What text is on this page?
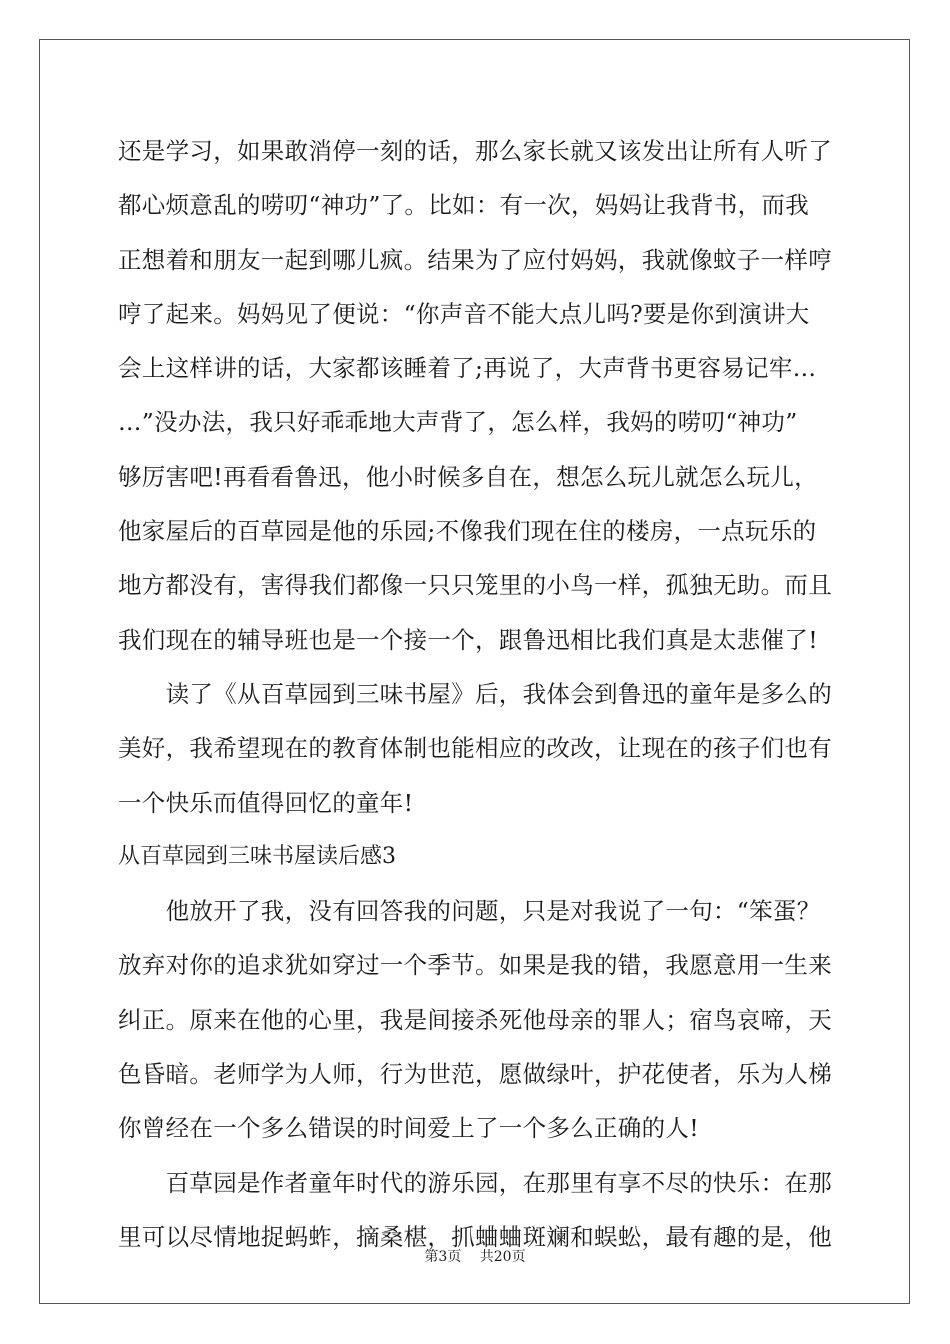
还是学习，如果敢消停一刻的话，那么家长就又该发出让所有人听了
都心烦意乱的唠叨“神功”了。比如：有一次，妈妈让我背书，而我
正想着和朋友一起到哪儿疯。结果为了应付妈妈，我就像蚊子一样哼
哼了起来。妈妈见了便说：“你声音不能大点儿吗?要是你到演讲大
会上这样讲的话，大家都该睡着了;再说了，大声背书更容易记牢…
…”没办法，我只好乖乖地大声背了，怎么样，我妈的唠叨“神功”
够厉害吧!再看看鲁迅，他小时候多自在，想怎么玩儿就怎么玩儿，
他家屋后的百草园是他的乐园;不像我们现在住的楼房，一点玩乐的
地方都没有，害得我们都像一只只笼里的小鸟一样，孤独无助。而且
我们现在的辅导班也是一个接一个，跟鲁迅相比我们真是太悲催了!
　　读了《从百草园到三味书屋》后，我体会到鲁迅的童年是多么的
美好，我希望现在的教育体制也能相应的改改，让现在的孩子们也有
一个快乐而值得回忆的童年!
从百草园到三味书屋读后感3
　　他放开了我，没有回答我的问题，只是对我说了一句：“笨蛋？
放弃对你的追求犹如穿过一个季节。如果是我的错，我愿意用一生来
纠正。原来在他的心里，我是间接杀死他母亲的罪人；宿鸟哀啼，天
色昏暗。老师学为人师，行为世范，愿做绿叶，护花使者，乐为人梯
你曾经在一个多么错误的时间爱上了一个多么正确的人!
　　百草园是作者童年时代的游乐园，在那里有享不尽的快乐：在那
里可以尽情地捉蚂蚱，摘桑椹，抓蛐蛐斑斓和蜈蚣，最有趣的是，他
第3页　 共20页
